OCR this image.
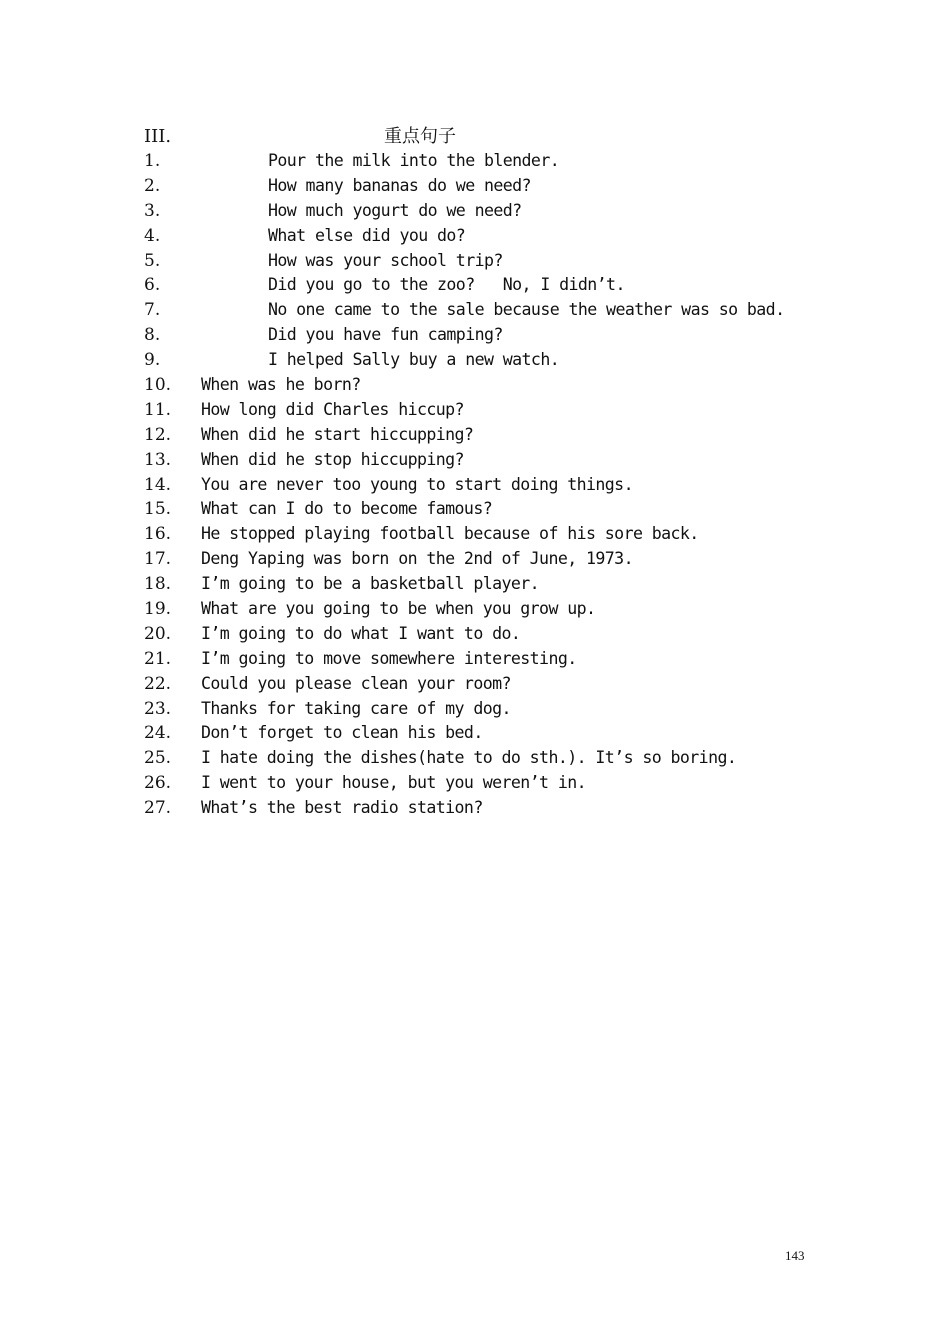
III.	重点句子
1.	Pour the milk into the blender.
2.	How many bananas do we need?
3.	How much yogurt do we need?
4.	What else did you do?
5.	How was your school trip?
6.	Did you go to the zoo?   No, I didn’t.
7.	No one came to the sale because the weather was so bad.
8.	Did you have fun camping?
9.	I helped Sally buy a new watch.
10. When was he born?
11. How long did Charles hiccup?
12. When did he start hiccupping?
13. When did he stop hiccupping?
14. You are never too young to start doing things.
15. What can I do to become famous?
16. He stopped playing football because of his sore back.
17. Deng Yaping was born on the 2nd of June, 1973.
18. I’m going to be a basketball player.
19. What are you going to be when you grow up.
20. I’m going to do what I want to do.
21. I’m going to move somewhere interesting.
22. Could you please clean your room?
23. Thanks for taking care of my dog.
24. Don’t forget to clean his bed.
25. I hate doing the dishes(hate to do sth.). It’s so boring.
26. I went to your house, but you weren’t in.
27. What’s the best radio station?
143
